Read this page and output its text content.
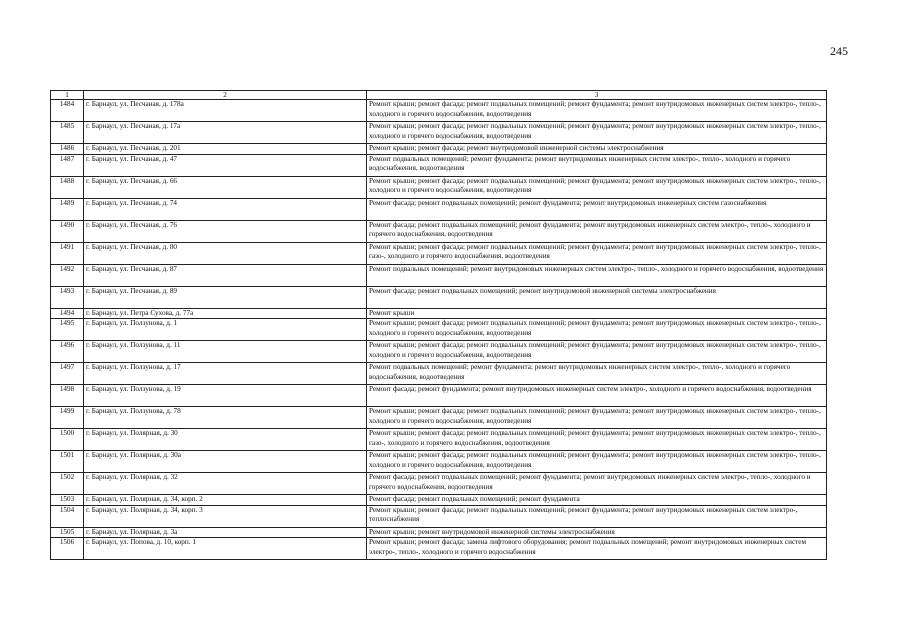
245
1	2	3
1484	г. Барнаул, ул. Песчаная, д. 178а	Ремонт крыши; ремонт фасада; ремонт подвальных помещений; ремонт фундамента; ремонт внутридомовых инженерных систем электро-, тепло-, холодного и горячего водоснабжения, водоотведения
1485	г. Барнаул, ул. Песчаная, д. 17а	Ремонт крыши; ремонт фасада; ремонт подвальных помещений; ремонт фундамента; ремонт внутридомовых инженерных систем электро-, тепло-, холодного и горячего водоснабжения, водоотведения
1486	г. Барнаул, ул. Песчаная, д. 201	Ремонт крыши; ремонт фасада; ремонт внутридомовой инженерной системы электроснабжения
1487	г. Барнаул, ул. Песчаная, д. 47	Ремонт подвальных помещений; ремонт фундамента; ремонт внутридомовых инженерных систем электро-, тепло-, холодного и горячего водоснабжения, водоотведения
1488	г. Барнаул, ул. Песчаная, д. 66	Ремонт крыши; ремонт фасада; ремонт подвальных помещений; ремонт фундамента; ремонт внутридомовых инженерных систем электро-, тепло-, холодного и горячего водоснабжения, водоотведения
1489	г. Барнаул, ул. Песчаная, д. 74	Ремонт фасада; ремонт подвальных помещений; ремонт фундамента; ремонт внутридомовых инженерных систем газоснабжения
1490	г. Барнаул, ул. Песчаная, д. 76	Ремонт фасада; ремонт подвальных помещений; ремонт фундамента; ремонт внутридомовых инженерных систем электро-, тепло-, холодного и горячего водоснабжения, водоотведения
1491	г. Барнаул, ул. Песчаная, д. 80	Ремонт крыши; ремонт фасада; ремонт подвальных помещений; ремонт фундамента; ремонт внутридомовых инженерных систем электро-, тепло-, газо-, холодного и горячего водоснабжения, водоотведения
1492	г. Барнаул, ул. Песчаная, д. 87	Ремонт подвальных помещений; ремонт внутридомовых инженерных систем электро-, тепло-, холодного и горячего водоснабжения, водоотведения
1493	г. Барнаул, ул. Песчаная, д. 89	Ремонт фасада; ремонт подвальных помещений; ремонт внутридомовой инженерной системы электроснабжения
1494	г. Барнаул, ул. Петра Сухова, д. 77а	Ремонт крыши
1495	г. Барнаул, ул. Ползунова, д. 1	Ремонт крыши; ремонт фасада; ремонт подвальных помещений; ремонт фундамента; ремонт внутридомовых инженерных систем электро-, тепло-, холодного и горячего водоснабжения, водоотведения
1496	г. Барнаул, ул. Ползунова, д. 11	Ремонт крыши; ремонт фасада; ремонт подвальных помещений; ремонт фундамента; ремонт внутридомовых инженерных систем электро-, тепло-, холодного и горячего водоснабжения, водоотведения
1497	г. Барнаул, ул. Ползунова, д. 17	Ремонт подвальных помещений; ремонт фундамента; ремонт внутридомовых инженерных систем электро-, тепло-, холодного и горячего водоснабжения, водоотведения
1498	г. Барнаул, ул. Ползунова, д. 19	Ремонт фасада; ремонт фундамента; ремонт внутридомовых инженерных систем электро-, холодного и горячего водоснабжения, водоотведения
1499	г. Барнаул, ул. Ползунова, д. 78	Ремонт крыши; ремонт фасада; ремонт подвальных помещений; ремонт фундамента; ремонт внутридомовых инженерных систем электро-, тепло-, холодного и горячего водоснабжения, водоотведения
1500	г. Барнаул, ул. Полярная, д. 30	Ремонт крыши; ремонт фасада; ремонт подвальных помещений; ремонт фундамента; ремонт внутридомовых инженерных систем электро-, тепло-, газо-, холодного и горячего водоснабжения, водоотведения
1501	г. Барнаул, ул. Полярная, д. 30а	Ремонт крыши; ремонт фасада; ремонт подвальных помещений; ремонт фундамента; ремонт внутридомовых инженерных систем электро-, тепло-, холодного и горячего водоснабжения, водоотведения
1502	г. Барнаул, ул. Полярная, д. 32	Ремонт фасада; ремонт подвальных помещений; ремонт фундамента; ремонт внутридомовых инженерных систем электро-, тепло-, холодного и горячего водоснабжения, водоотведения
1503	г. Барнаул, ул. Полярная, д. 34, корп. 2	Ремонт фасада; ремонт подвальных помещений; ремонт фундамента
1504	г. Барнаул, ул. Полярная, д. 34, корп. 3	Ремонт крыши; ремонт фасада; ремонт подвальных помещений; ремонт фундамента; ремонт внутридомовых инженерных систем электро-, теплоснабжения
1505	г. Барнаул, ул. Полярная, д. 3а	Ремонт крыши; ремонт внутридомовой инженерной системы электроснабжения
1506	г. Барнаул, ул. Попова, д. 10, корп. 1	Ремонт крыши; ремонт фасада; замена лифтового оборудования; ремонт подвальных помещений; ремонт внутридомовых инженерных систем электро-, тепло-, холодного и горячего водоснабжения
